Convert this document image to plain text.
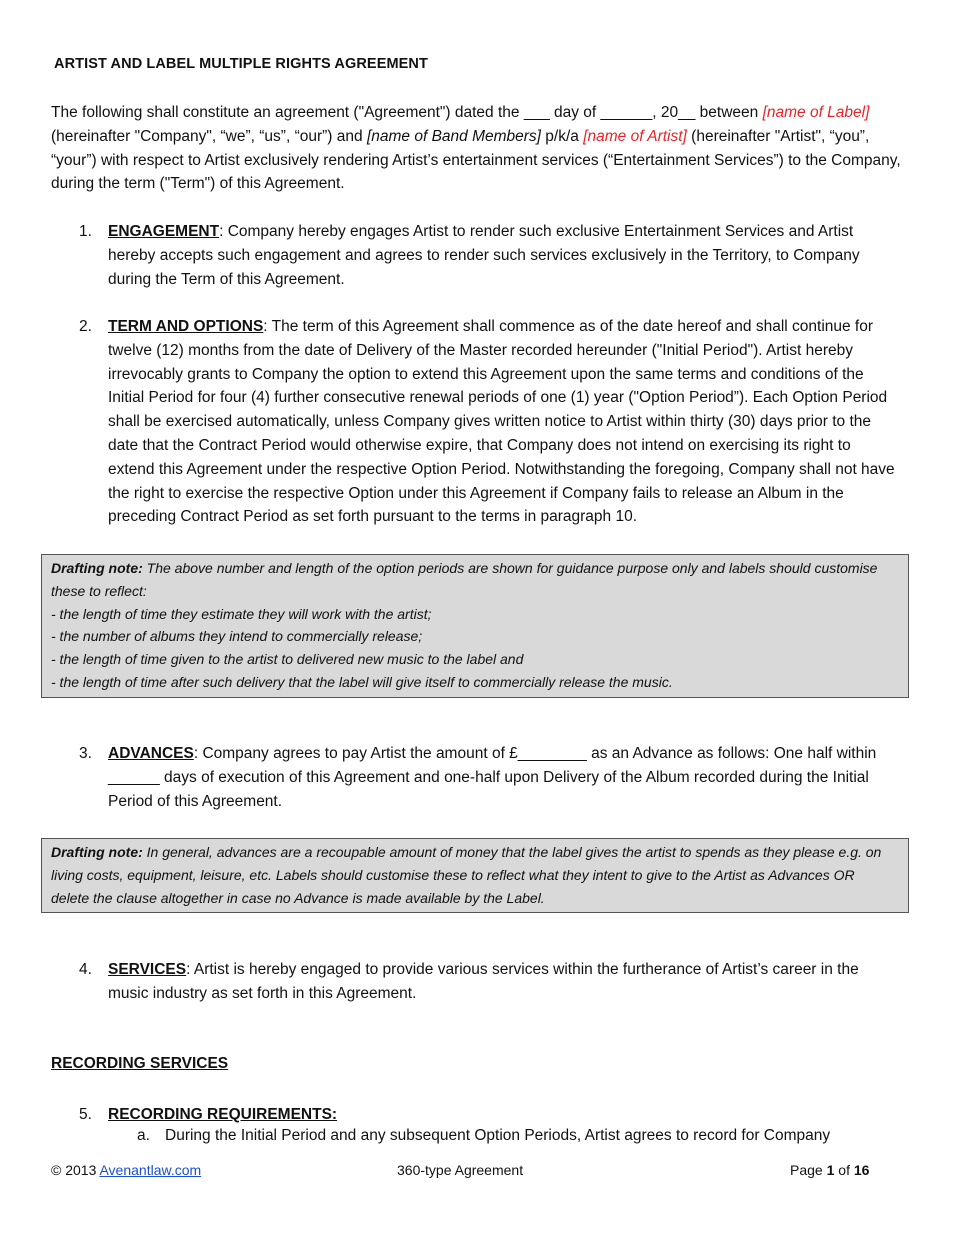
ARTIST AND LABEL MULTIPLE RIGHTS AGREEMENT
The following shall constitute an agreement ("Agreement") dated the ___ day of ______, 20__ between [name of Label] (hereinafter "Company", “we”, “us”, “our”) and [name of Band Members] p/k/a [name of Artist] (hereinafter "Artist", “you”, “your”) with respect to Artist exclusively rendering Artist’s entertainment services (“Entertainment Services”) to the Company, during the term ("Term") of this Agreement.
1. ENGAGEMENT: Company hereby engages Artist to render such exclusive Entertainment Services and Artist hereby accepts such engagement and agrees to render such services exclusively in the Territory, to Company during the Term of this Agreement.
2. TERM AND OPTIONS: The term of this Agreement shall commence as of the date hereof and shall continue for twelve (12) months from the date of Delivery of the Master recorded hereunder ("Initial Period"). Artist hereby irrevocably grants to Company the option to extend this Agreement upon the same terms and conditions of the Initial Period for four (4) further consecutive renewal periods of one (1) year ("Option Period”). Each Option Period shall be exercised automatically, unless Company gives written notice to Artist within thirty (30) days prior to the date that the Contract Period would otherwise expire, that Company does not intend on exercising its right to extend this Agreement under the respective Option Period. Notwithstanding the foregoing, Company shall not have the right to exercise the respective Option under this Agreement if Company fails to release an Album in the preceding Contract Period as set forth pursuant to the terms in paragraph 10.
Drafting note: The above number and length of the option periods are shown for guidance purpose only and labels should customise
these to reflect:
- the length of time they estimate they will work with the artist;
- the number of albums they intend to commercially release;
- the length of time given to the artist to delivered new music to the label and
- the length of time after such delivery that the label will give itself to commercially release the music.
3. ADVANCES: Company agrees to pay Artist the amount of £________ as an Advance as follows: One half within ______ days of execution of this Agreement and one-half upon Delivery of the Album recorded during the Initial Period of this Agreement.
Drafting note: In general, advances are a recoupable amount of money that the label gives the artist to spends as they please e.g. on
living costs, equipment, leisure, etc. Labels should customise these to reflect what they intent to give to the Artist as Advances OR
delete the clause altogether in case no Advance is made available by the Label.
4. SERVICES: Artist is hereby engaged to provide various services within the furtherance of Artist’s career in the music industry as set forth in this Agreement.
RECORDING SERVICES
5. RECORDING REQUIREMENTS:
a. During the Initial Period and any subsequent Option Periods, Artist agrees to record for Company
© 2013 Avenantlaw.com	360-type Agreement	Page 1 of 16
